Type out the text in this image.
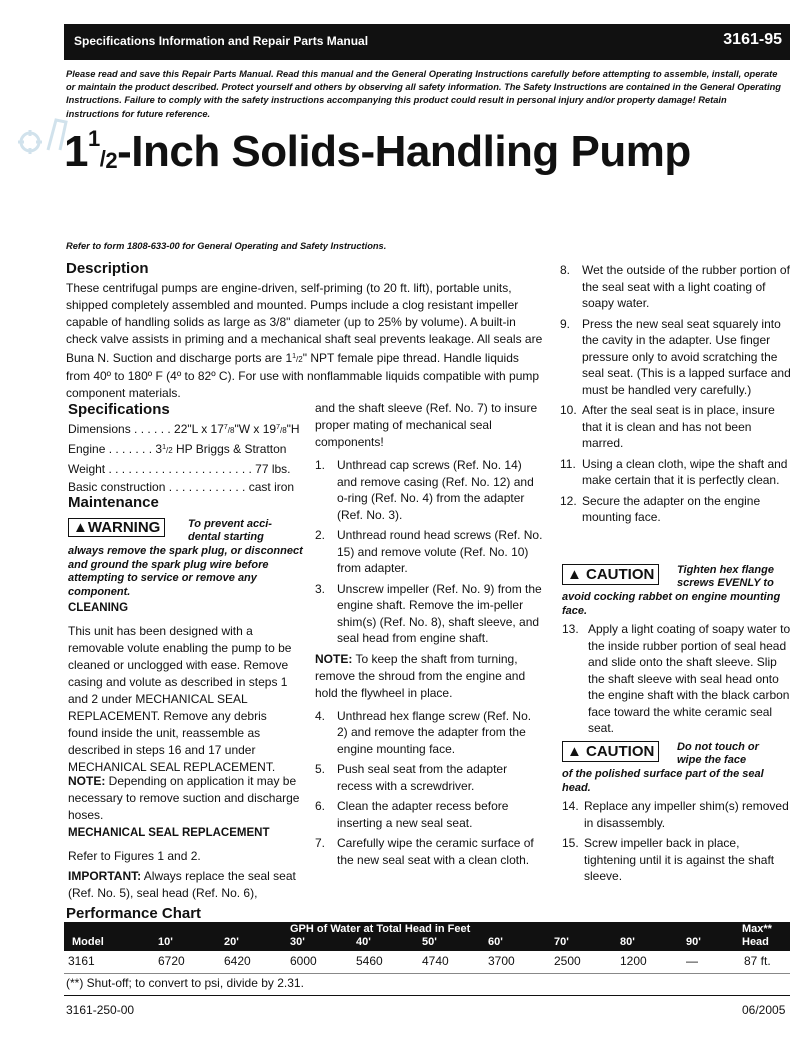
Specifications Information and Repair Parts Manual	3161-95
Please read and save this Repair Parts Manual. Read this manual and the General Operating Instructions carefully before attempting to assemble, install, operate or maintain the product described. Protect yourself and others by observing all safety information. The Safety Instructions are contained in the General Operating Instructions. Failure to comply with the safety instructions accompanying this product could result in personal injury and/or property damage! Retain instructions for future reference.
$1^1/_2$-Inch Solids-Handling Pump
Refer to form 1808-633-00 for General Operating and Safety Instructions.
Description
These centrifugal pumps are engine-driven, self-priming (to 20 ft. lift), portable units, shipped completely assembled and mounted. Pumps include a clog resistant impeller capable of handling solids as large as 3/8" diameter (up to 25% by volume). A built-in check valve assists in priming and a mechanical shaft seal prevents leakage. All seals are Buna N. Suction and discharge ports are $1^1/2$" NPT female pipe thread. Handle liquids from 40º to 180º F (4º to 82º C). For use with nonflammable liquids compatible with pump component materials.
Specifications
Dimensions . . . . . . 22"L x $17^7/8"W$ x $19^7/8"H$
Engine . . . . . . . $3^1/2$ HP Briggs & Stratton
Weight . . . . . . . . . . . . . . . . . . . . . . 77 lbs.
Basic construction . . . . . . . . . . . . cast iron
Maintenance
▲WARNING	To prevent acci-
dental starting
always remove the spark plug, or disconnect and ground the spark plug wire before attempting to service or remove any component.
CLEANING
This unit has been designed with a removable volute enabling the pump to be cleaned or unclogged with ease. Remove casing and volute as described in steps 1 and 2 under MECHANICAL SEAL REPLACEMENT. Remove any debris found inside the unit, reassemble as described in steps 16 and 17 under MECHANICAL SEAL REPLACEMENT.
NOTE: Depending on application it may be necessary to remove suction and discharge hoses.
MECHANICAL SEAL REPLACEMENT
Refer to Figures 1 and 2.
IMPORTANT: Always replace the seal seat (Ref. No. 5), seal head (Ref. No. 6),
and the shaft sleeve (Ref. No. 7) to insure proper mating of mechanical seal components!
1. Unthread cap screws (Ref. No. 14) and remove casing (Ref. No. 12) and o-ring (Ref. No. 4) from the adapter (Ref. No. 3).
2. Unthread round head screws (Ref. No. 15) and remove volute (Ref. No. 10) from adapter.
3. Unscrew impeller (Ref. No. 9) from the engine shaft. Remove the im-peller shim(s) (Ref. No. 8), shaft sleeve, and seal head from engine shaft.
NOTE: To keep the shaft from turning, remove the shroud from the engine and hold the flywheel in place.
4. Unthread hex flange screw (Ref. No. 2) and remove the adapter from the engine mounting face.
5. Push seal seat from the adapter recess with a screwdriver.
6. Clean the adapter recess before inserting a new seal seat.
7. Carefully wipe the ceramic surface of the new seal seat with a clean cloth.
8. Wet the outside of the rubber portion of the seal seat with a light coating of soapy water.
9. Press the new seal seat squarely into the cavity in the adapter. Use finger pressure only to avoid scratching the seal seat. (This is a lapped surface and must be handled very carefully.)
10. After the seal seat is in place, insure that it is clean and has not been marred.
11. Using a clean cloth, wipe the shaft and make certain that it is perfectly clean.
12. Secure the adapter on the engine mounting face.
▲ CAUTION	Tighten hex flange
screws EVENLY to
avoid cocking rabbet on engine mounting face.
13. Apply a light coating of soapy water to the inside rubber portion of seal head and slide onto the shaft sleeve. Slip the shaft sleeve with seal head onto the engine shaft with the black carbon face toward the white ceramic seal seat.
▲ CAUTION	Do not touch or
wipe the face
of the polished surface part of the seal head.
14. Replace any impeller shim(s) removed in disassembly.
15. Screw impeller back in place, tightening until it is against the shaft sleeve.
Performance Chart
GPH of Water at Total Head in Feet	Max**
Head
Model	10'	20'	30'	40'	50'	60'	70'	80'	90'
3161	6720	6420	6000	5460	4740	3700	2500	1200	—	87 ft.
(**) Shut-off; to convert to psi, divide by 2.31.
3161-250-00	06/2005
